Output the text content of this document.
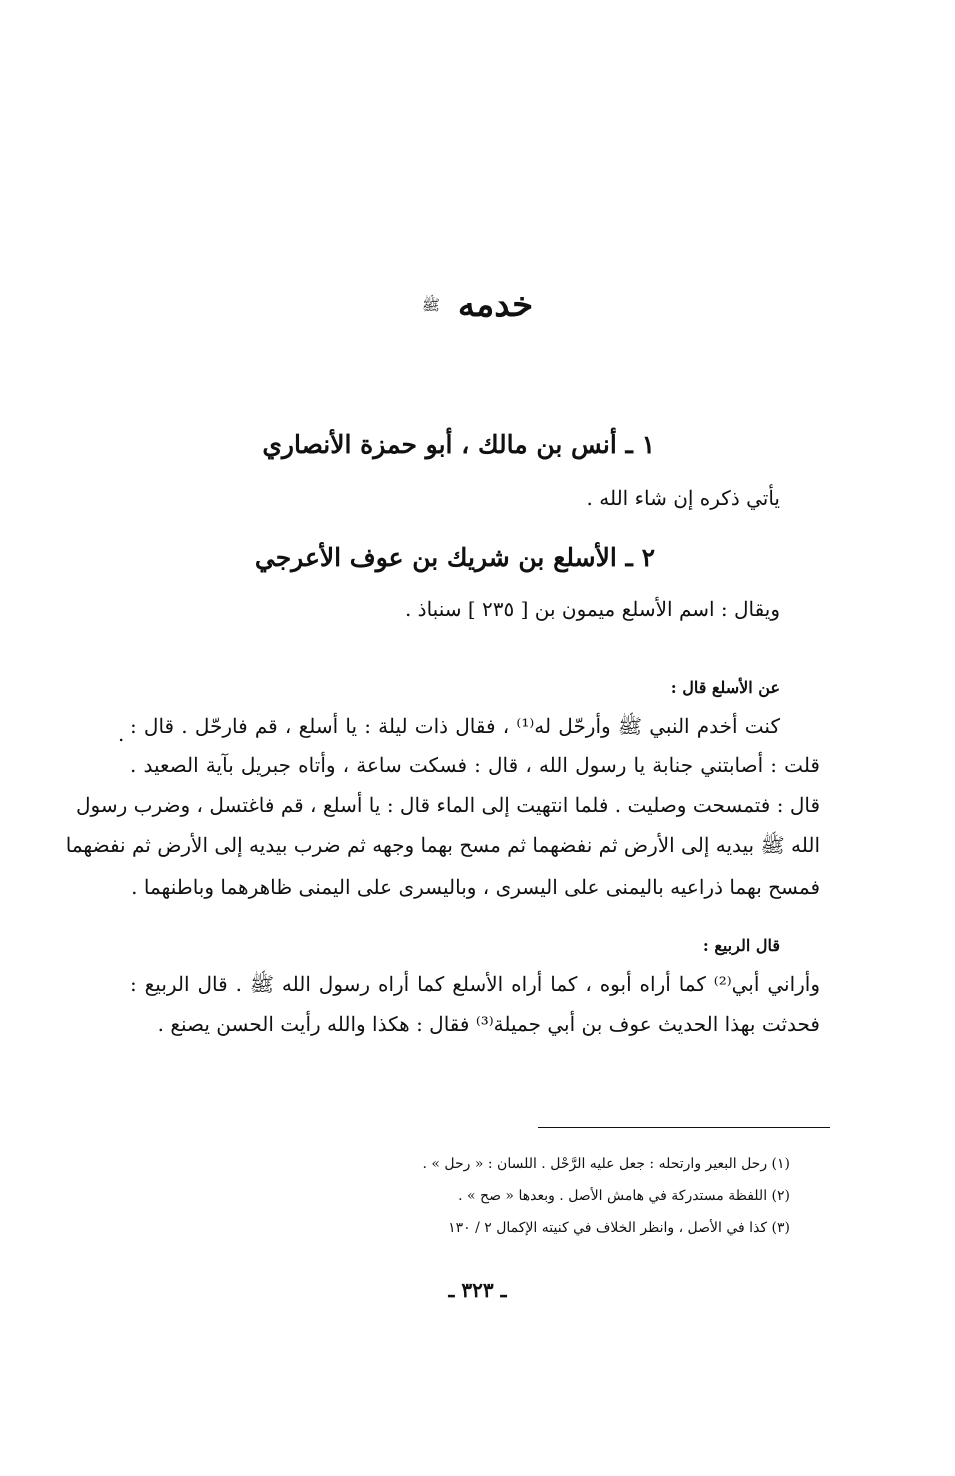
خدمه ﷺ
١ ـ أنس بن مالك ، أبو حمزة الأنصاري
يأتي ذكره إن شاء الله .
٢ ـ الأسلع بن شريك بن عوف الأعرجي
ويقال : اسم الأسلع ميمون بن [ ٢٣٥ ] سنباذ .
عن الأسلع قال :
كنت أخدم النبي ﷺ وأرحّل له⁽¹⁾ ، فقال ذات ليلة : يا أسلع ، قم فارحّل . قال :
قلت : أصابتني جنابة يا رسول الله ، قال : فسكت ساعة ، وأتاه جبريل بآية الصعيد .
قال : فتمسحت وصليت . فلما انتهيت إلى الماء قال : يا أسلع ، قم فاغتسل ، وضرب رسول
الله ﷺ بيديه إلى الأرض ثم نفضهما ثم مسح بهما وجهه ثم ضرب بيديه إلى الأرض ثم نفضهما
فمسح بهما ذراعيه باليمنى على اليسرى ، وباليسرى على اليمنى ظاهرهما وباطنهما .
.
قال الربيع :
وأراني أبي⁽²⁾ كما أراه أبوه ، كما أراه الأسلع كما أراه رسول الله ﷺ . قال الربيع :
فحدثت بهذا الحديث عوف بن أبي جميلة⁽³⁾ فقال : هكذا والله رأيت الحسن يصنع .
(١) رحل البعير وارتحله : جعل عليه الرَّحْل . اللسان : « رحل » .
(٢) اللفظة مستدركة في هامش الأصل . وبعدها « صح » .
(٣) كذا في الأصل ، وانظر الخلاف في كنيته الإكمال ٢ / ١٣٠
ـ ٣٢٣ ـ
